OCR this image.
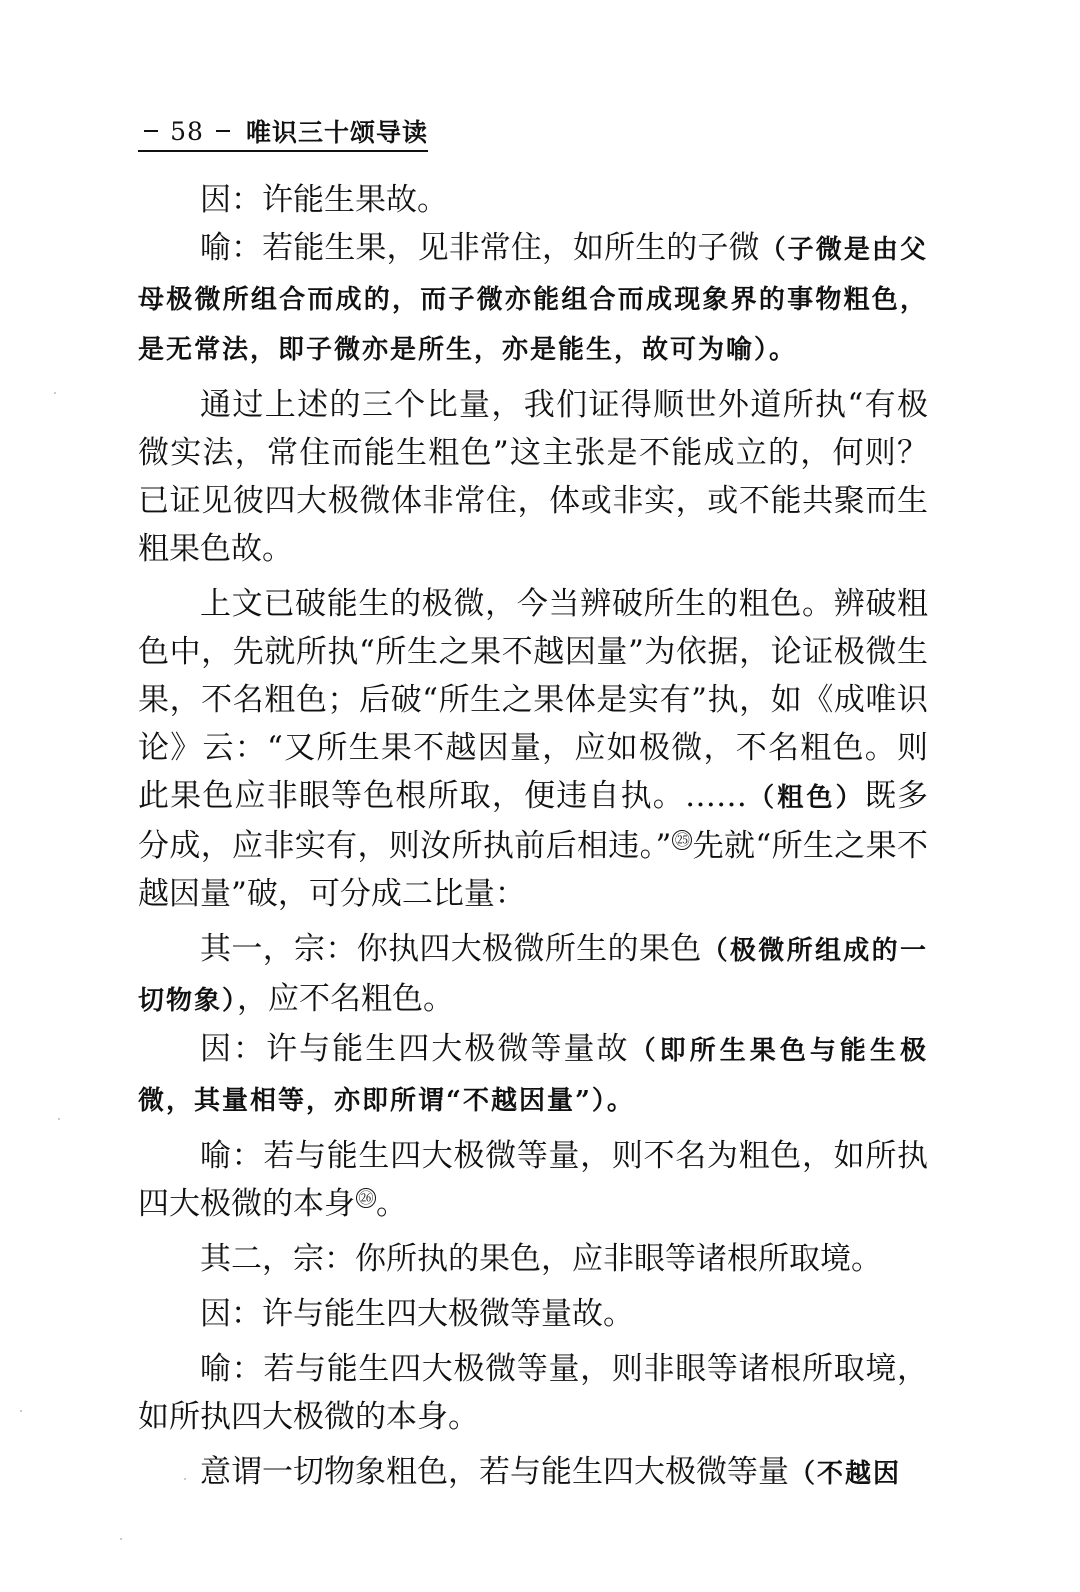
58 唯识三十颂导读

因：许能生果故。

喻：若能生果，见非常住，如所生的子微（子微是由父母极微所组合而成的，而子微亦能组合而成现象界的事物粗色，是无常法，即子微亦是所生，亦是能生，故可为喻）。

通过上述的三个比量，我们证得顺世外道所执“有极微实法，常住而能生粗色”这主张是不能成立的，何则？已证见彼四大极微体非常住，体或非实，或不能共聚而生粗果色故。

上文已破能生的极微，今当辨破所生的粗色。辨破粗色中，先就所执“所生之果不越因量”为依据，论证极微生果，不名粗色；后破“所生之果体是实有”执，如《成唯识论》云：“又所生果不越因量，应如极微，不名粗色。则此果色应非眼等色根所取，便违自执。……（粗色）既多分成，应非实有，则汝所执前后相违。” ㉕先就“所生之果不越因量”破，可分成二比量：

其一，宗：你执四大极微所生的果色（极微所组成的一切物象），应不名粗色。

因：许与能生四大极微等量故（即所生果色与能生极微，其量相等，亦即所谓“不越因量”）。

喻：若与能生四大极微等量，则不名为粗色，如所执四大极微的本身 ㉖。

其二，宗：你所执的果色，应非眼等诸根所取境。

因：许与能生四大极微等量故。

喻：若与能生四大极微等量，则非眼等诸根所取境，如所执四大极微的本身。

意谓一切物象粗色，若与能生四大极微等量（不越因
